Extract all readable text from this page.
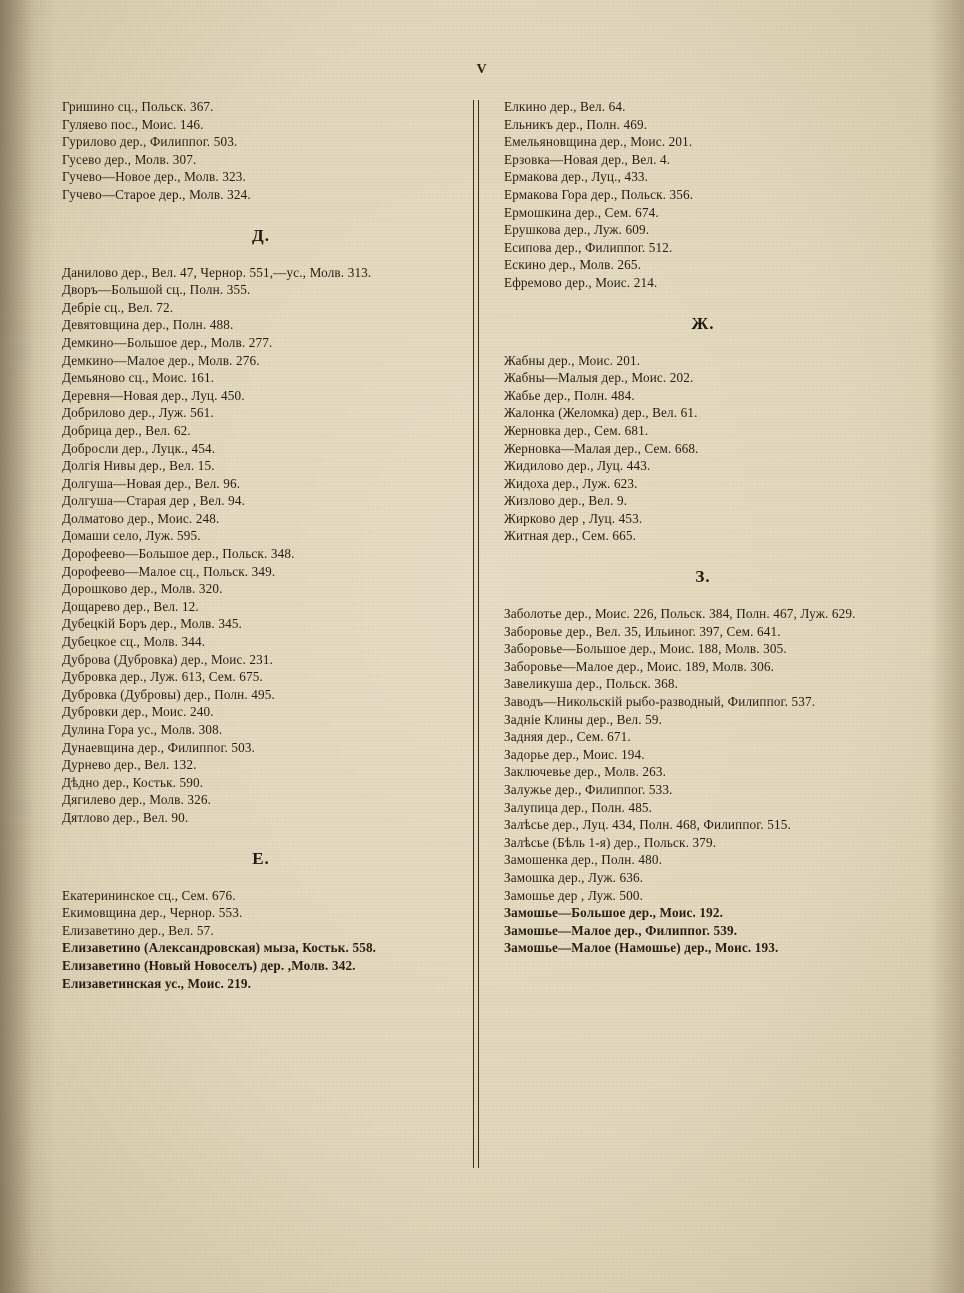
V
Гришино сц., Польск. 367.
Гуляево пос., Моис. 146.
Гурилово дер., Филиппог. 503.
Гусево дер., Молв. 307.
Гучево—Новое дер., Молв. 323.
Гучево—Старое дер., Молв. 324.
Д.
Данилово дер., Вел. 47, Чернор. 551,—ус., Молв. 313.
Дворъ—Большой сц., Полн. 355.
Дебріе сц., Вел. 72.
Девятовщина дер., Полн. 488.
Демкино—Большое дер., Молв. 277.
Демкино—Малое дер., Молв. 276.
Демьяново сц., Моис. 161.
Деревня—Новая дер., Луц. 450.
Добрилово дер., Луж. 561.
Добрица дер., Вел. 62.
Добросли дер., Луцк., 454.
Долгія Нивы дер., Вел. 15.
Долгуша—Новая дер., Вел. 96.
Долгуша—Старая дер , Вел. 94.
Долматово дер., Моис. 248.
Домаши село, Луж. 595.
Дорофеево—Большое дер., Польск. 348.
Дорофеево—Малое сц., Польск. 349.
Дорошково дер., Молв. 320.
Дощарево дер., Вел. 12.
Дубецкій Боръ дер., Молв. 345.
Дубецкое сц., Молв. 344.
Дуброва (Дубровка) дер., Моис. 231.
Дубровка дер., Луж. 613, Сем. 675.
Дубровка (Дубровы) дер., Полн. 495.
Дубровки дер., Моис. 240.
Дулина Гора ус., Молв. 308.
Дунаевщина дер., Филиппог. 503.
Дурнево дер., Вел. 132.
Дѣдно дер., Костьк. 590.
Дягилево дер., Молв. 326.
Дятлово дер., Вел. 90.
Е.
Екатерининское сц., Сем. 676.
Екимовщина дер., Чернор. 553.
Елизаветино дер., Вел. 57.
Елизаветино (Александровская) мыза, Костьк. 558.
Елизаветино (Новый Новоселъ) дер. ,Молв. 342.
Елизаветинская ус., Моис. 219.
Елкино дер., Вел. 64.
Ельникъ дер., Полн. 469.
Емельяновщина дер., Моис. 201.
Ерзовка—Новая дер., Вел. 4.
Ермакова дер., Луц., 433.
Ермакова Гора дер., Польск. 356.
Ермошкина дер., Сем. 674.
Ерушкова дер., Луж. 609.
Есипова дер., Филиппог. 512.
Ескино дер., Молв. 265.
Ефремово дер., Моис. 214.
Ж.
Жабны дер., Моис. 201.
Жабны—Малыя дер., Моис. 202.
Жабье дер., Полн. 484.
Жалонка (Желомка) дер., Вел. 61.
Жерновка дер., Сем. 681.
Жерновка—Малая дер., Сем. 668.
Жидилово дер., Луц. 443.
Жидоха дер., Луж. 623.
Жизлово дер., Вел. 9.
Жирково дер , Луц. 453.
Житная дер., Сем. 665.
З.
Заболотье дер., Моис. 226, Польск. 384, Полн. 467, Луж. 629.
Заборовье дер., Вел. 35, Ильиног. 397, Сем. 641.
Заборовье—Большое дер., Моис. 188, Молв. 305.
Заборовье—Малое дер., Моис. 189, Молв. 306.
Завеликуша дер., Польск. 368.
Заводъ—Никольскій рыбо-разводный, Филиппог. 537.
Заднiе Клины дер., Вел. 59.
Задняя дер., Сем. 671.
Задорье дер., Моис. 194.
Заключевье дер., Молв. 263.
Залужье дер., Филиппог. 533.
Залупица дер., Полн. 485.
Залѣсье дер., Луц. 434, Полн. 468, Филиппог. 515.
Залѣсье (Бѣль 1-я) дер., Польск. 379.
Замошенка дер., Полн. 480.
Замошка дер., Луж. 636.
Замошье дер , Луж. 500.
Замошье—Большое дер., Моис. 192.
Замошье—Малое дер., Филиппог. 539.
Замошье—Малое (Намошье) дер., Моис. 193.
